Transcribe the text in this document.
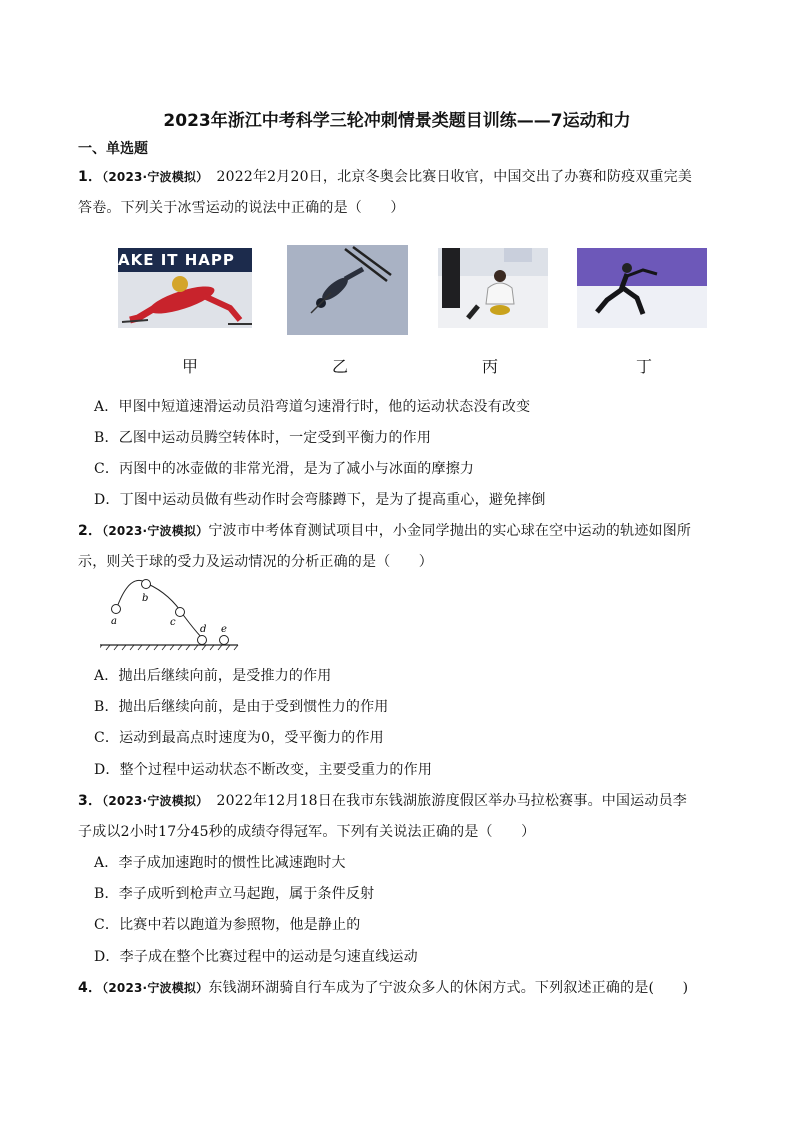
2023年浙江中考科学三轮冲刺情景类题目训练——7运动和力
一、单选题
1．（2023·宁波模拟）　2022年2月20日，北京冬奥会比赛日收官，中国交出了办赛和防疫双重完美
答卷。下列关于冰雪运动的说法中正确的是（　　）
AKE IT HAPP
甲	乙	丙	丁
A．甲图中短道速滑运动员沿弯道匀速滑行时，他的运动状态没有改变
B．乙图中运动员腾空转体时，一定受到平衡力的作用
C．丙图中的冰壶做的非常光滑，是为了减小与冰面的摩擦力
D．丁图中运动员做有些动作时会弯膝蹲下，是为了提高重心，避免摔倒
2．（2023·宁波模拟）宁波市中考体育测试项目中，小金同学抛出的实心球在空中运动的轨迹如图所
示，则关于球的受力及运动情况的分析正确的是（　　）
a
b
c
d e
A．抛出后继续向前，是受推力的作用
B．抛出后继续向前，是由于受到惯性力的作用
C．运动到最高点时速度为0，受平衡力的作用
D．整个过程中运动状态不断改变，主要受重力的作用
3．（2023·宁波模拟）　2022年12月18日在我市东钱湖旅游度假区举办马拉松赛事。中国运动员李
子成以2小时17分45秒的成绩夺得冠军。下列有关说法正确的是（　　）
A．李子成加速跑时的惯性比减速跑时大
B．李子成听到枪声立马起跑，属于条件反射
C．比赛中若以跑道为参照物，他是静止的
D．李子成在整个比赛过程中的运动是匀速直线运动
4．（2023·宁波模拟）东钱湖环湖骑自行车成为了宁波众多人的休闲方式。下列叙述正确的是(　　)
